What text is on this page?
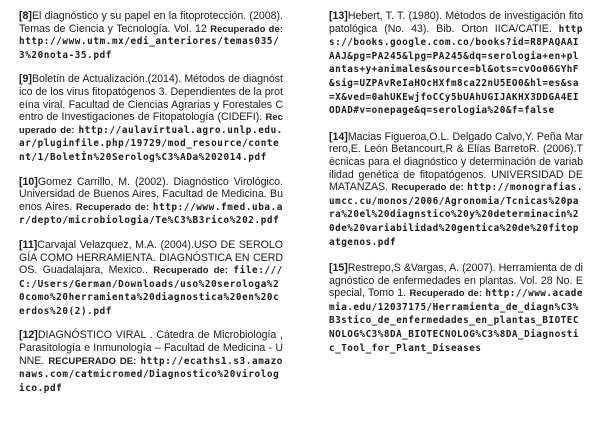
[8]El diagnóstico y su papel en la fitoprotección. (2008). Temas de Ciencia y Tecnología. Vol. 12 Recuperado de: http://www.utm.mx/edi_anteriores/temas035/3%20nota-35.pdf

[9]Boletín de Actualización.(2014). Métodos de diagnóstico de los virus fitopatógenos 3. Dependientes de la proteína viral. Facultad de Ciencias Agrarias y Forestales Centro de Investigaciones de Fitopatología (CIDEFI). Recuperado de: http://aulavirtual.agro.unlp.edu.ar/pluginfile.php/19729/mod_resource/content/1/BoletÍn%20Serolog%C3%ADa%202014.pdf

[10]Gomez Carrillo, M. (2002). Diagnóstico Virológico. Universidad de Buenos Aires, Facultad de Medicina. Buenos Aires. Recuperado de: http://www.fmed.uba.ar/depto/microbiologia/Te%C3%B3rico%202.pdf

[11]Carvajal Velazquez, M.A. (2004).USO DE SEROLOGÍA COMO HERRAMIENTA. DIAGNÓSTICA EN CERDOS. Guadalajara, Mexico.. Recuperado de: file:///C:/Users/German/Downloads/uso%20serologa%20como%20herramienta%20diagnostica%20en%20cerdos%20(2).pdf

[12]DIAGNÓSTICO VIRAL . Cátedra de Microbiología , Parasitología e Inmunología – Facultad de Medicina - UNNE. RECUPERADO DE: http://ecaths1.s3.amazonaws.com/catmicromed/Diagnostico%20virologico.pdf

[13]Hebert, T. T. (1980). Métodos de investigación fitopatológica (No. 43). Bib. Orton IICA/CATIE. https://books.google.com.co/books?id=R8PAQAAIAAJ&pg=PA245&lpg=PA245&dq=serologia+en+plantas+y+animales&source=bl&ots=cvOo06GYhF&sig=UZPAvReIaHOcHXfm8ca22nU5EO0&hl=es&sa=X&ved=0ahUKEwjfoCCy5bUAhUGIJAKHX3DDGA4EIODAD#v=onepage&q=serologia%20&f=false

[14]Macias Figueroa,O.L. Delgado Calvo,Y. Peña Marrero,E. León Betancourt,R & Elías BarretoR. (2006).Técnicas para el diagnóstico y determinación de variabilidad genética de fitopatógenos. UNIVERSIDAD DE MATANZAS. Recuperado de: http://monografias.umcc.cu/monos/2006/Agronomia/Tcnicas%20para%20el%20diagnstico%20y%20determinacin%20de%20variabilidad%20gentica%20de%20fitopatgenos.pdf

[15]Restrepo,S &Vargas, A. (2007). Herramienta de diagnóstico de enfermedades en plantas. Vol. 28 No. Especial, Tomo 1. Recuperado de: http://www.academia.edu/12037175/Herramienta_de_diagn%C3%B3stico_de_enfermedades_en_plantas_BIOTECNOLOG%C3%8DA_BIOTECNOLOG%C3%8DA_Diagnostic_Tool_for_Plant_Diseases
